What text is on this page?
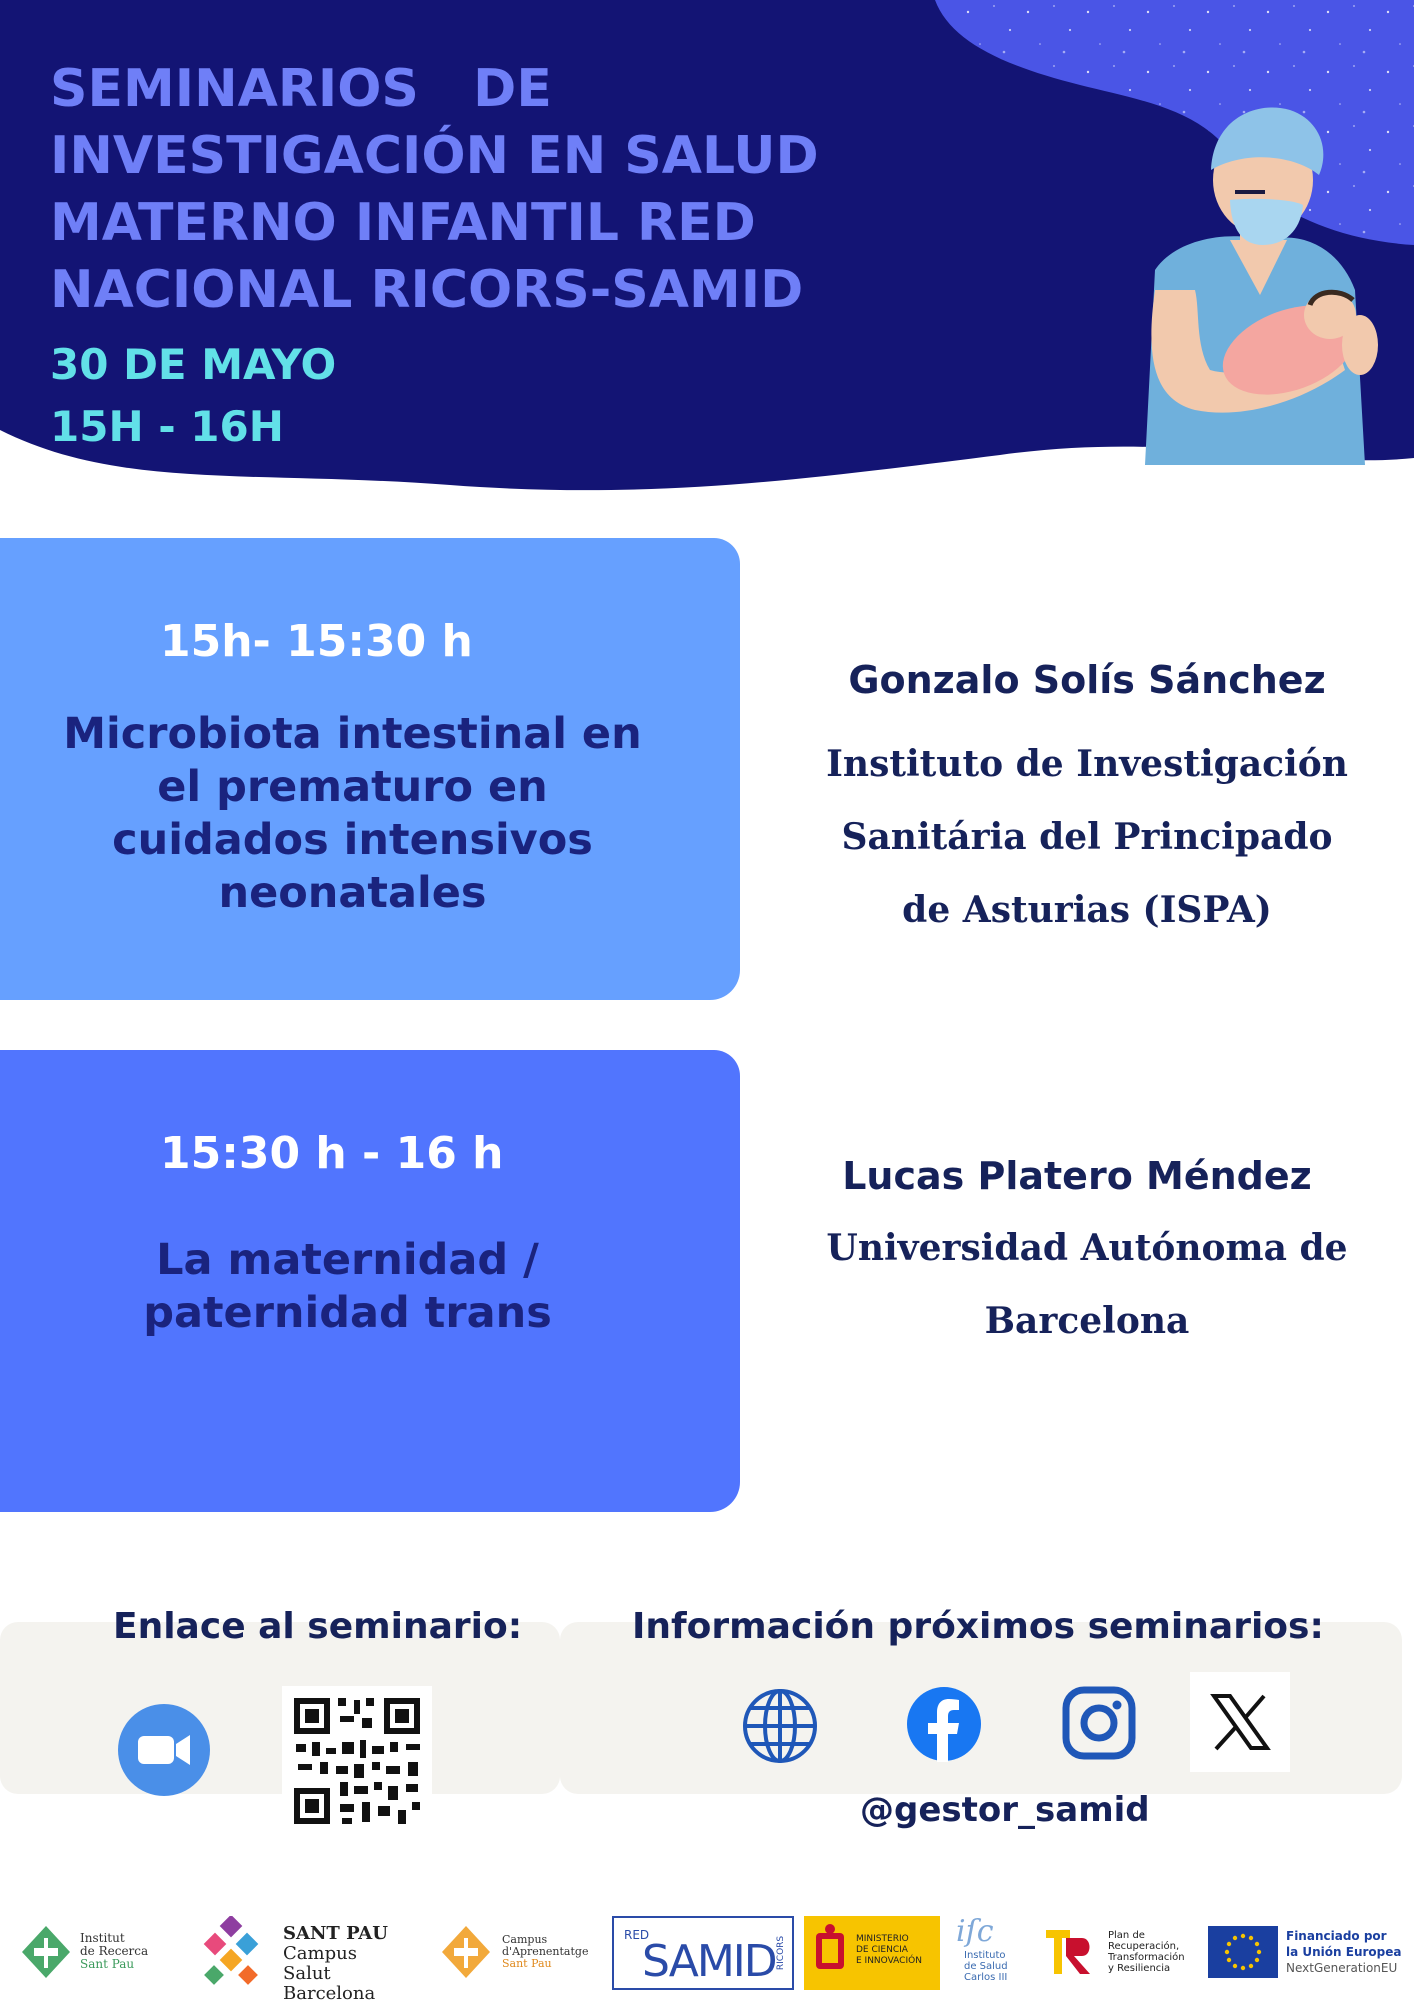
SEMINARIOS   DE
INVESTIGACIÓN EN SALUD
MATERNO INFANTIL RED
NACIONAL RICORS-SAMID
30 DE MAYO
15H - 16H
15h- 15:30 h
Microbiota intestinal en el prematuro en cuidados intensivos neonatales
Gonzalo Solís Sánchez
Instituto de Investigación
Sanitária del Principado
de Asturias (ISPA)
15:30 h - 16 h
La maternidad / paternidad trans
Lucas Platero Méndez
Universidad Autónoma de
Barcelona
Enlace al seminario:	Información próximos seminarios:
@gestor_samid
Institut
de Recerca
Sant Pau
SANT PAU
Campus Salut
Barcelona
Campus
d'Aprenentatge
Sant Pau
RED
SAMID RICORS	MINISTERIO
DE CIENCIA
E INNOVACIÓN
iſc
Instituto
de Salud
Carlos III
Plan de
Recuperación,
Transformación
y Resiliencia
Financiado por
la Unión Europea
NextGenerationEU
